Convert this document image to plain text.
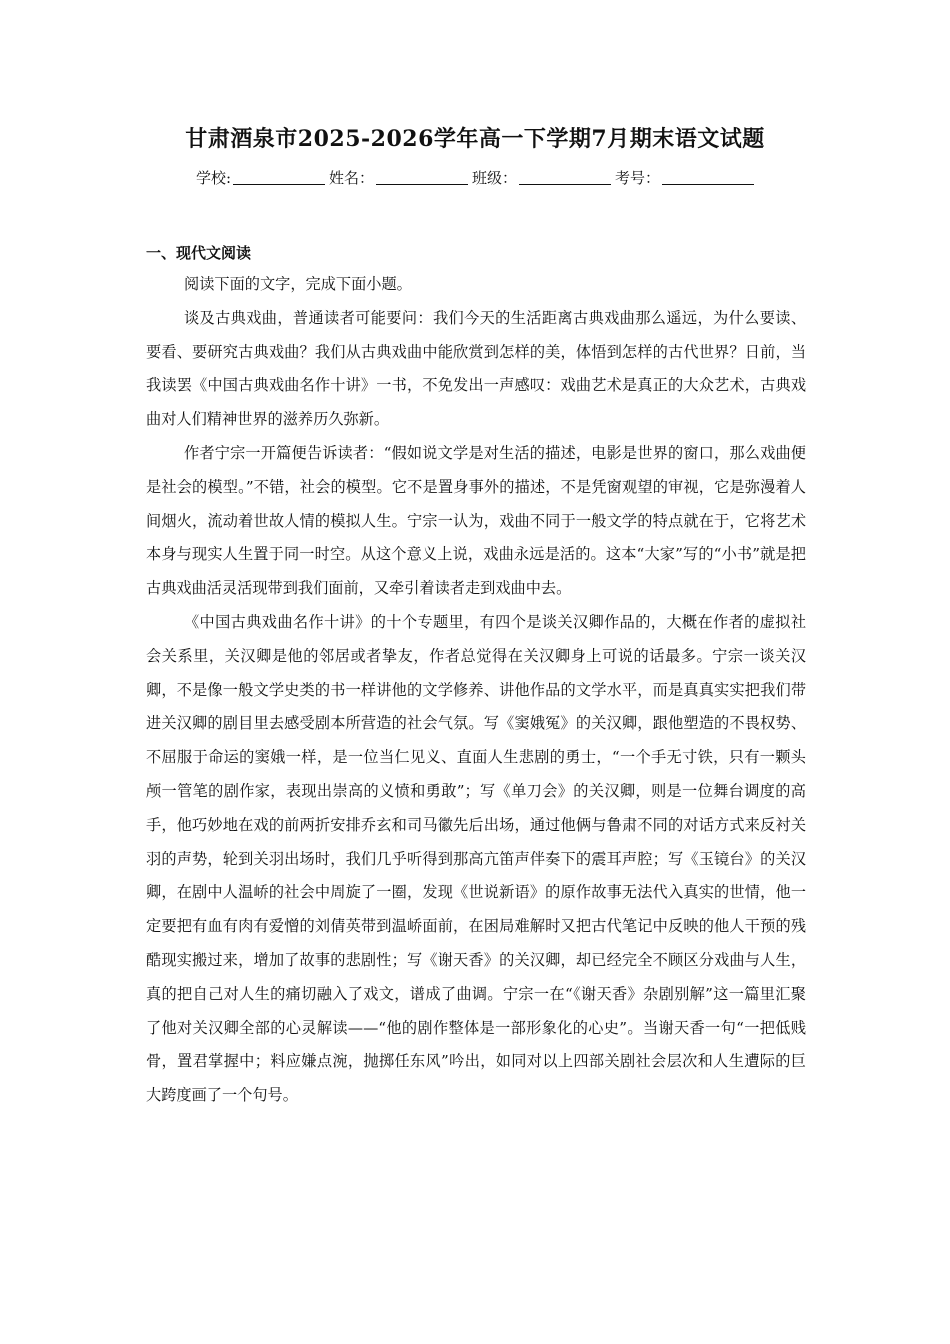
甘肃酒泉市2025-2026学年高一下学期7月期末语文试题
学校:	姓名：	班级：	考号：
一、现代文阅读

阅读下面的文字，完成下面小题。

谈及古典戏曲，普通读者可能要问：我们今天的生活距离古典戏曲那么遥远，为什么要读、要看、要研究古典戏曲？我们从古典戏曲中能欣赏到怎样的美，体悟到怎样的古代世界？日前，当我读罢《中国古典戏曲名作十讲》一书，不免发出一声感叹：戏曲艺术是真正的大众艺术，古典戏曲对人们精神世界的滋养历久弥新。

作者宁宗一开篇便告诉读者：“假如说文学是对生活的描述，电影是世界的窗口，那么戏曲便是社会的模型。”不错，社会的模型。它不是置身事外的描述，不是凭窗观望的审视，它是弥漫着人间烟火，流动着世故人情的模拟人生。宁宗一认为，戏曲不同于一般文学的特点就在于，它将艺术本身与现实人生置于同一时空。从这个意义上说，戏曲永远是活的。这本“大家”写的“小书”就是把古典戏曲活灵活现带到我们面前，又牵引着读者走到戏曲中去。

《中国古典戏曲名作十讲》的十个专题里，有四个是谈关汉卿作品的，大概在作者的虚拟社会关系里，关汉卿是他的邻居或者挚友，作者总觉得在关汉卿身上可说的话最多。宁宗一谈关汉卿，不是像一般文学史类的书一样讲他的文学修养、讲他作品的文学水平，而是真真实实把我们带进关汉卿的剧目里去感受剧本所营造的社会气氛。写《窦娥冤》的关汉卿，跟他塑造的不畏权势、不屈服于命运的窦娥一样，是一位当仁见义、直面人生悲剧的勇士，“一个手无寸铁，只有一颗头颅一管笔的剧作家，表现出崇高的义愤和勇敢”；写《单刀会》的关汉卿，则是一位舞台调度的高手，他巧妙地在戏的前两折安排乔玄和司马徽先后出场，通过他俩与鲁肃不同的对话方式来反衬关羽的声势，轮到关羽出场时，我们几乎听得到那高亢笛声伴奏下的震耳声腔；写《玉镜台》的关汉卿，在剧中人温峤的社会中周旋了一圈，发现《世说新语》的原作故事无法代入真实的世情，他一定要把有血有肉有爱憎的刘倩英带到温峤面前，在困局难解时又把古代笔记中反映的他人干预的残酷现实搬过来，增加了故事的悲剧性；写《谢天香》的关汉卿，却已经完全不顾区分戏曲与人生，真的把自己对人生的痛切融入了戏文，谱成了曲调。宁宗一在“《谢天香》杂剧别解”这一篇里汇聚了他对关汉卿全部的心灵解读——“他的剧作整体是一部形象化的心史”。当谢天香一句“一把低贱骨，置君掌握中；料应嫌点涴，抛掷任东风”吟出，如同对以上四部关剧社会层次和人生遭际的巨大跨度画了一个句号。
